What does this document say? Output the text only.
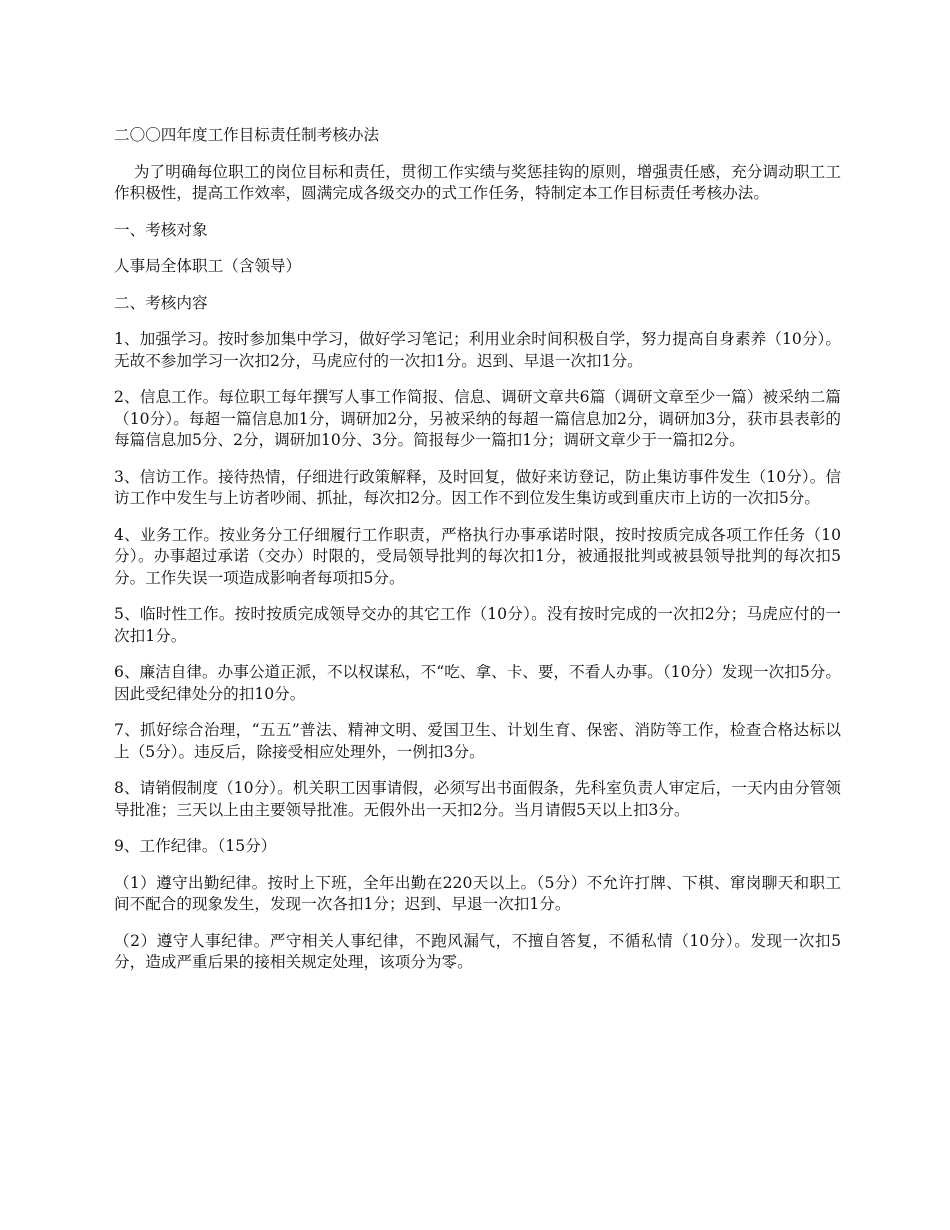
二〇〇四年度工作目标责任制考核办法

为了明确每位职工的岗位目标和责任，贯彻工作实绩与奖惩挂钩的原则，增强责任感，充分调动职工工作积极性，提高工作效率，圆满完成各级交办的式工作任务，特制定本工作目标责任考核办法。

一、考核对象

人事局全体职工（含领导）

二、考核内容

1、加强学习。按时参加集中学习，做好学习笔记；利用业余时间积极自学，努力提高自身素养（10分）。无故不参加学习一次扣2分，马虎应付的一次扣1分。迟到、早退一次扣1分。

2、信息工作。每位职工每年撰写人事工作简报、信息、调研文章共6篇（调研文章至少一篇）被采纳二篇（10分）。每超一篇信息加1分，调研加2分，另被采纳的每超一篇信息加2分，调研加3分，获市县表彰的每篇信息加5分、2分，调研加10分、3分。简报每少一篇扣1分；调研文章少于一篇扣2分。

3、信访工作。接待热情，仔细进行政策解释，及时回复，做好来访登记，防止集访事件发生（10分）。信访工作中发生与上访者吵闹、抓扯，每次扣2分。因工作不到位发生集访或到重庆市上访的一次扣5分。

4、业务工作。按业务分工仔细履行工作职责，严格执行办事承诺时限，按时按质完成各项工作任务（10分）。办事超过承诺（交办）时限的，受局领导批判的每次扣1分，被通报批判或被县领导批判的每次扣5分。工作失误一项造成影响者每项扣5分。

5、临时性工作。按时按质完成领导交办的其它工作（10分）。没有按时完成的一次扣2分；马虎应付的一次扣1分。

6、廉洁自律。办事公道正派，不以权谋私，不“吃、拿、卡、要，不看人办事。（10分）发现一次扣5分。因此受纪律处分的扣10分。

7、抓好综合治理，“五五”普法、精神文明、爱国卫生、计划生育、保密、消防等工作，检查合格达标以上（5分）。违反后，除接受相应处理外，一例扣3分。

8、请销假制度（10分）。机关职工因事请假，必须写出书面假条，先科室负责人审定后，一天内由分管领导批准；三天以上由主要领导批准。无假外出一天扣2分。当月请假5天以上扣3分。

9、工作纪律。（15分）

（1）遵守出勤纪律。按时上下班，全年出勤在220天以上。（5分）不允许打牌、下棋、窜岗聊天和职工间不配合的现象发生，发现一次各扣1分；迟到、早退一次扣1分。

（2）遵守人事纪律。严守相关人事纪律，不跑风漏气，不擅自答复，不循私情（10分）。发现一次扣5分，造成严重后果的接相关规定处理，该项分为零。
